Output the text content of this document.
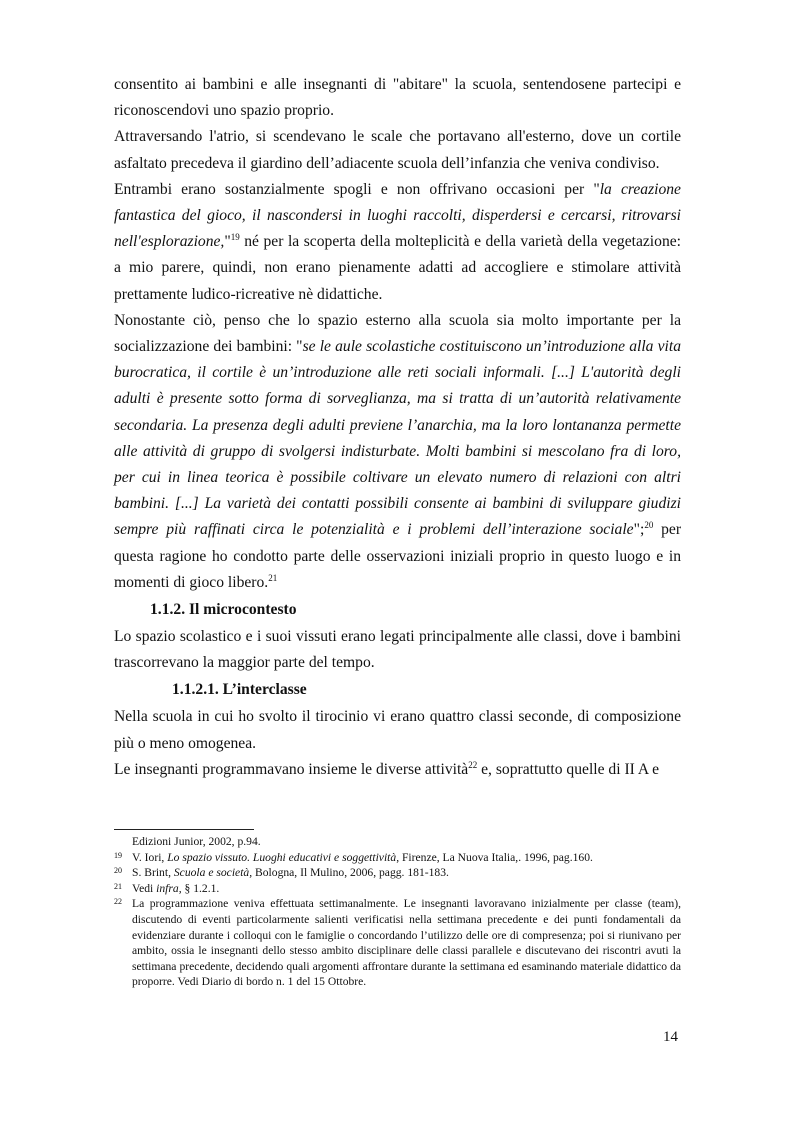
consentito ai bambini e alle insegnanti di "abitare" la scuola, sentendosene partecipi e riconoscendovi uno spazio proprio.

Attraversando l'atrio, si scendevano le scale che portavano all'esterno, dove un cortile asfaltato precedeva il giardino dell’adiacente scuola dell’infanzia che veniva condiviso.

Entrambi erano sostanzialmente spogli e non offrivano occasioni per "la creazione fantastica del gioco, il nascondersi in luoghi raccolti, disperdersi e cercarsi, ritrovarsi nell'esplorazione,"$^{19}$ né per la scoperta della molteplicità e della varietà della vegetazione: a mio parere, quindi, non erano pienamente adatti ad accogliere e stimolare attività prettamente ludico-ricreative nè didattiche.

Nonostante ciò, penso che lo spazio esterno alla scuola sia molto importante per la socializzazione dei bambini: "se le aule scolastiche costituiscono un’introduzione alla vita burocratica, il cortile è un’introduzione alle reti sociali informali. [...] L'autorità degli adulti è presente sotto forma di sorveglianza, ma si tratta di un’autorità relativamente secondaria. La presenza degli adulti previene l’anarchia, ma la loro lontananza permette alle attività di gruppo di svolgersi indisturbate. Molti bambini si mescolano fra di loro, per cui in linea teorica è possibile coltivare un elevato numero di relazioni con altri bambini. [...] La varietà dei contatti possibili consente ai bambini di sviluppare giudizi sempre più raffinati circa le potenzialità e i problemi dell’interazione sociale";$^{20}$ per questa ragione ho condotto parte delle osservazioni iniziali proprio in questo luogo e in momenti di gioco libero.$^{21}$

1.1.2. Il microcontesto

Lo spazio scolastico e i suoi vissuti erano legati principalmente alle classi, dove i bambini trascorrevano la maggior parte del tempo.

1.1.2.1. L’interclasse

Nella scuola in cui ho svolto il tirocinio vi erano quattro classi seconde, di composizione più o meno omogenea.

Le insegnanti programmavano insieme le diverse attività$^{22}$ e, soprattutto quelle di II A e

Edizioni Junior, 2002, p.94.

19 V. Iori, Lo spazio vissuto. Luoghi educativi e soggettività, Firenze, La Nuova Italia,. 1996, pag.160.

20 S. Brint, Scuola e società, Bologna, Il Mulino, 2006, pagg. 181-183.

21 Vedi infra, § 1.2.1.

22 La programmazione veniva effettuata settimanalmente. Le insegnanti lavoravano inizialmente per classe (team), discutendo di eventi particolarmente salienti verificatisi nella settimana precedente e dei punti fondamentali da evidenziare durante i colloqui con le famiglie o concordando l’utilizzo delle ore di compresenza; poi si riunivano per ambito, ossia le insegnanti dello stesso ambito disciplinare delle classi parallele e discutevano dei riscontri avuti la settimana precedente, decidendo quali argomenti affrontare durante la settimana ed esaminando materiale didattico da proporre. Vedi Diario di bordo n. 1 del 15 Ottobre.

14
